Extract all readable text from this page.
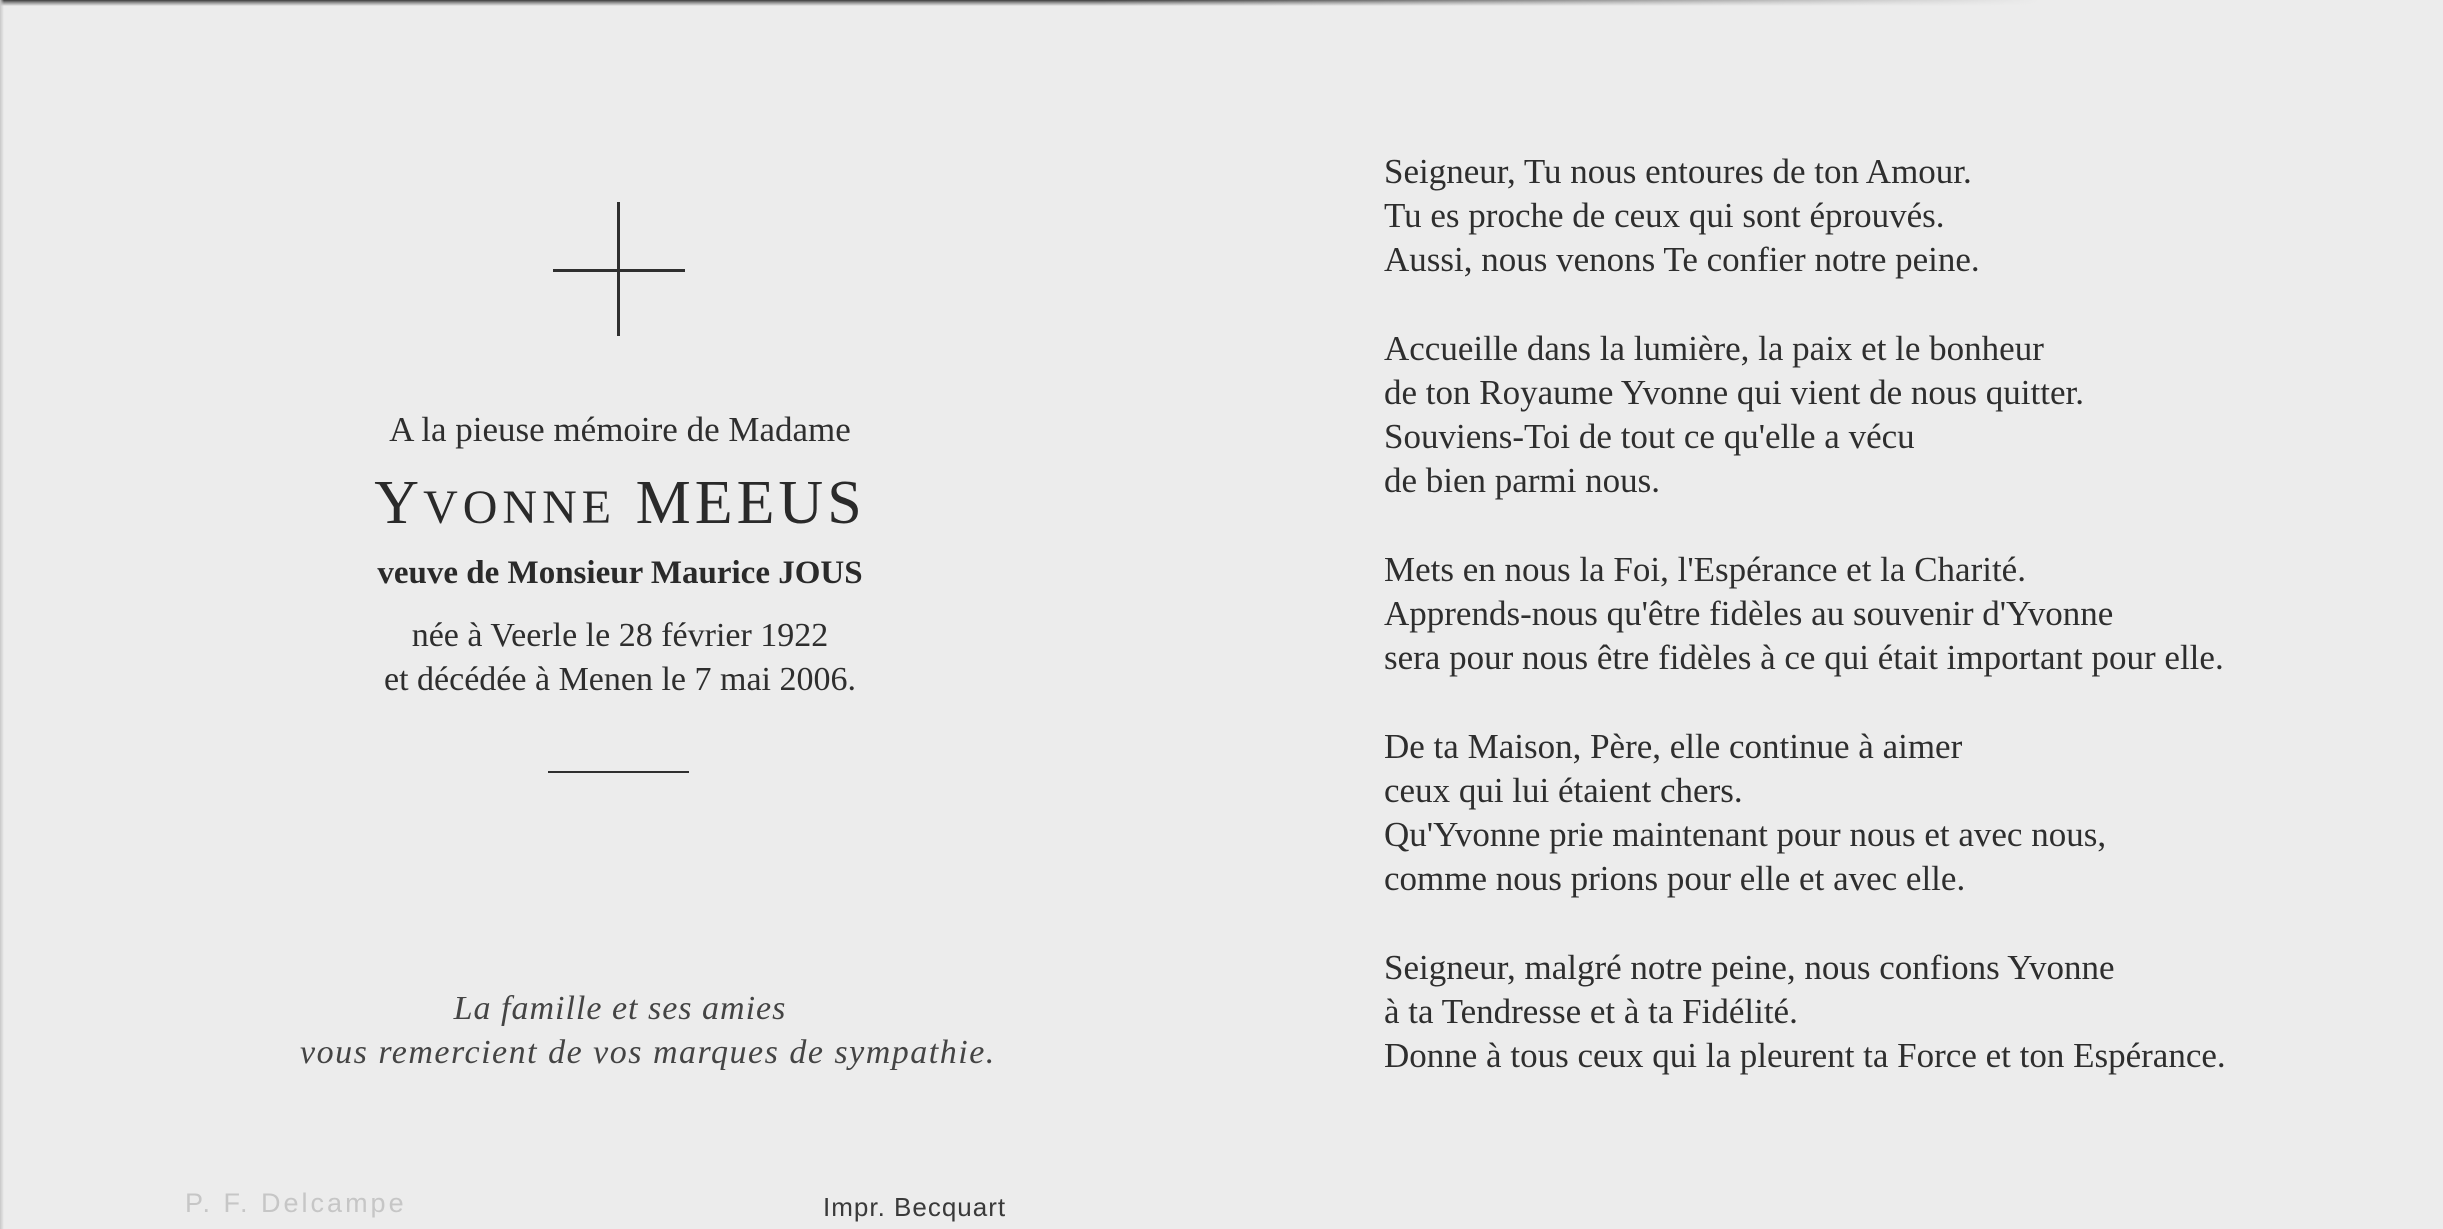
A la pieuse mémoire de Madame
YVONNE MEEUS
veuve de Monsieur Maurice JOUS
née à Veerle le 28 février 1922
et décédée à Menen le 7 mai 2006.
La famille et ses amies
vous remercient de vos marques de sympathie.
P. F. Delcampe	Impr. Becquart
Seigneur, Tu nous entoures de ton Amour.
Tu es proche de ceux qui sont éprouvés.
Aussi, nous venons Te confier notre peine.
Accueille dans la lumière, la paix et le bonheur
de ton Royaume Yvonne qui vient de nous quitter.
Souviens-Toi de tout ce qu'elle a vécu
de bien parmi nous.
Mets en nous la Foi, l'Espérance et la Charité.
Apprends-nous qu'être fidèles au souvenir d'Yvonne
sera pour nous être fidèles à ce qui était important pour elle.
De ta Maison, Père, elle continue à aimer
ceux qui lui étaient chers.
Qu'Yvonne prie maintenant pour nous et avec nous,
comme nous prions pour elle et avec elle.
Seigneur, malgré notre peine, nous confions Yvonne
à ta Tendresse et à ta Fidélité.
Donne à tous ceux qui la pleurent ta Force et ton Espérance.
